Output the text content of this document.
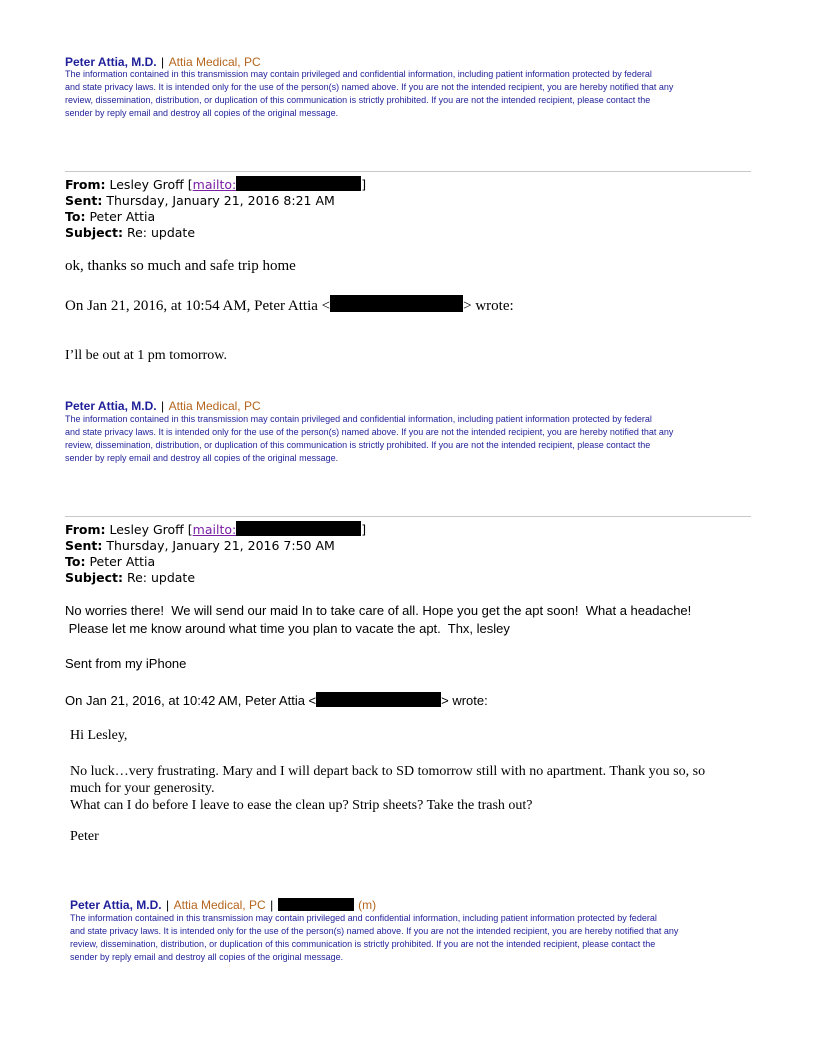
Peter Attia, M.D. | Attia Medical, PC
The information contained in this transmission may contain privileged and confidential information, including patient information protected by federal
and state privacy laws. It is intended only for the use of the person(s) named above. If you are not the intended recipient, you are hereby notified that any
review, dissemination, distribution, or duplication of this communication is strictly prohibited. If you are not the intended recipient, please contact the
sender by reply email and destroy all copies of the original message.
From: Lesley Groff [mailto:	]
Sent: Thursday, January 21, 2016 8:21 AM
To: Peter Attia
Subject: Re: update
ok, thanks so much and safe trip home
On Jan 21, 2016, at 10:54 AM, Peter Attia <	> wrote:
I’ll be out at 1 pm tomorrow.
Peter Attia, M.D. | Attia Medical, PC
The information contained in this transmission may contain privileged and confidential information, including patient information protected by federal
and state privacy laws. It is intended only for the use of the person(s) named above. If you are not the intended recipient, you are hereby notified that any
review, dissemination, distribution, or duplication of this communication is strictly prohibited. If you are not the intended recipient, please contact the
sender by reply email and destroy all copies of the original message.
From: Lesley Groff [mailto:	]
Sent: Thursday, January 21, 2016 7:50 AM
To: Peter Attia
Subject: Re: update
No worries there!  We will send our maid In to take care of all. Hope you get the apt soon!  What a headache!
Please let me know around what time you plan to vacate the apt.  Thx, lesley
Sent from my iPhone
On Jan 21, 2016, at 10:42 AM, Peter Attia <	> wrote:
Hi Lesley,
No luck…very frustrating. Mary and I will depart back to SD tomorrow still with no apartment. Thank you so, so
much for your generosity.
What can I do before I leave to ease the clean up? Strip sheets? Take the trash out?
Peter
Peter Attia, M.D. | Attia Medical, PC |	(m)
The information contained in this transmission may contain privileged and confidential information, including patient information protected by federal
and state privacy laws. It is intended only for the use of the person(s) named above. If you are not the intended recipient, you are hereby notified that any
review, dissemination, distribution, or duplication of this communication is strictly prohibited. If you are not the intended recipient, please contact the
sender by reply email and destroy all copies of the original message.
